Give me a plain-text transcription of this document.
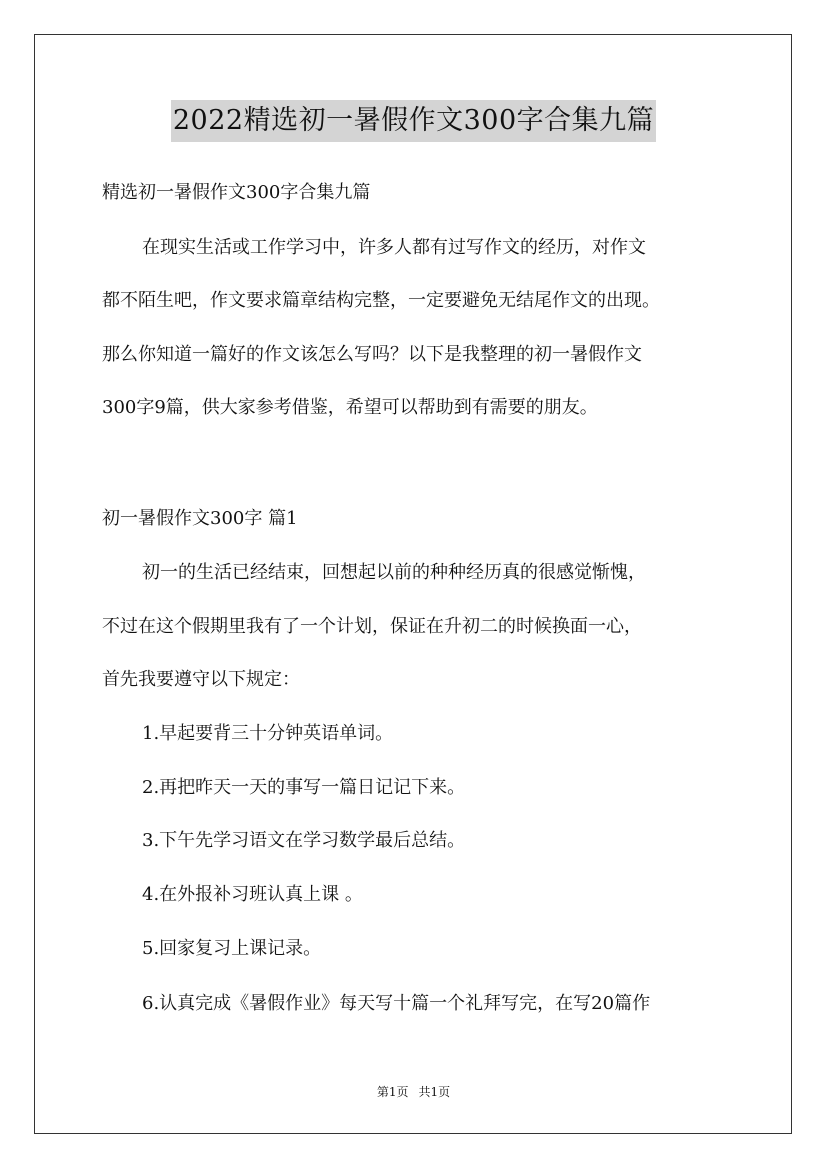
2022精选初一暑假作文300字合集九篇

精选初一暑假作文300字合集九篇

在现实生活或工作学习中，许多人都有过写作文的经历，对作文

都不陌生吧，作文要求篇章结构完整，一定要避免无结尾作文的出现。

那么你知道一篇好的作文该怎么写吗？以下是我整理的初一暑假作文

300字9篇，供大家参考借鉴，希望可以帮助到有需要的朋友。

初一暑假作文300字 篇1

初一的生活已经结束，回想起以前的种种经历真的很感觉惭愧，

不过在这个假期里我有了一个计划，保证在升初二的时候换面一心，

首先我要遵守以下规定：

1.早起要背三十分钟英语单词。

2.再把昨天一天的事写一篇日记记下来。

3.下午先学习语文在学习数学最后总结。

4.在外报补习班认真上课 。

5.回家复习上课记录。

6.认真完成《暑假作业》每天写十篇一个礼拜写完，在写20篇作

第1页 共1页
